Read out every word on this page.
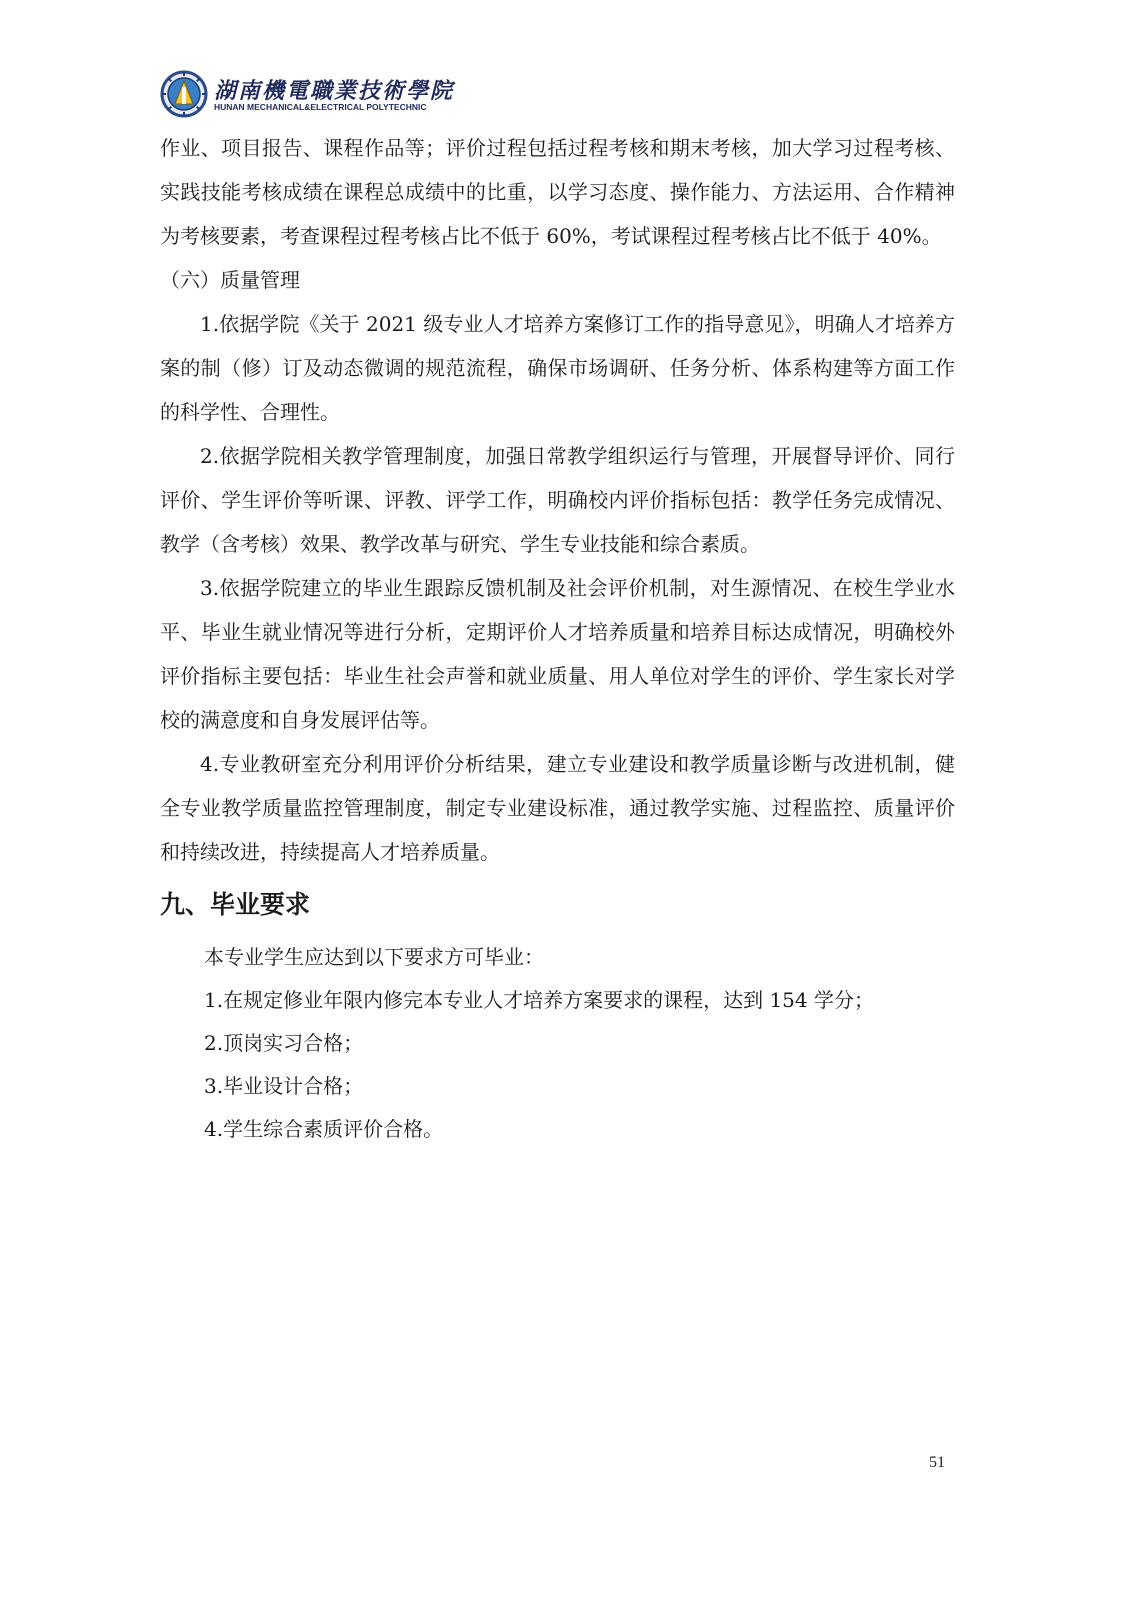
湖南機電職業技術學院
HUNAN MECHANICAL&ELECTRICAL POLYTECHNIC

作业、项目报告、课程作品等；评价过程包括过程考核和期末考核，加大学习过程考核、实践技能考核成绩在课程总成绩中的比重，以学习态度、操作能力、方法运用、合作精神为考核要素，考查课程过程考核占比不低于 60%，考试课程过程考核占比不低于 40%。

（六）质量管理

1.依据学院《关于 2021 级专业人才培养方案修订工作的指导意见》，明确人才培养方案的制（修）订及动态微调的规范流程，确保市场调研、任务分析、体系构建等方面工作的科学性、合理性。

2.依据学院相关教学管理制度，加强日常教学组织运行与管理，开展督导评价、同行评价、学生评价等听课、评教、评学工作，明确校内评价指标包括：教学任务完成情况、教学（含考核）效果、教学改革与研究、学生专业技能和综合素质。

3.依据学院建立的毕业生跟踪反馈机制及社会评价机制，对生源情况、在校生学业水平、毕业生就业情况等进行分析，定期评价人才培养质量和培养目标达成情况，明确校外评价指标主要包括：毕业生社会声誉和就业质量、用人单位对学生的评价、学生家长对学校的满意度和自身发展评估等。

4.专业教研室充分利用评价分析结果，建立专业建设和教学质量诊断与改进机制，健全专业教学质量监控管理制度，制定专业建设标准，通过教学实施、过程监控、质量评价和持续改进，持续提高人才培养质量。

九、毕业要求

本专业学生应达到以下要求方可毕业：

1.在规定修业年限内修完本专业人才培养方案要求的课程，达到 154 学分；

2.顶岗实习合格；

3.毕业设计合格；

4.学生综合素质评价合格。

51
